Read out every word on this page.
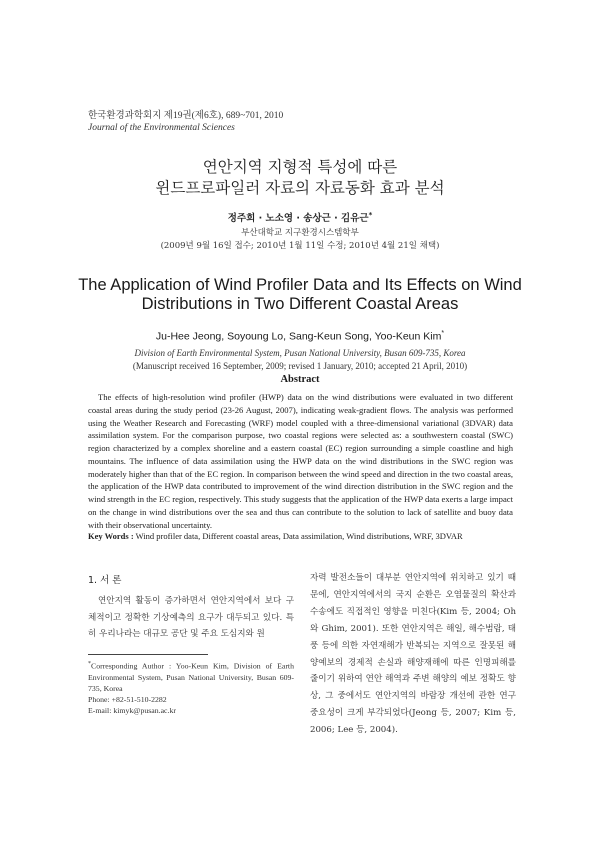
한국환경과학회지 제19권(제6호), 689~701, 2010
Journal of the Environmental Sciences
연안지역 지형적 특성에 따른
윈드프로파일러 자료의 자료동화 효과 분석
정주희 · 노소영 · 송상근 · 김유근*
부산대학교 지구환경시스템학부
(2009년 9월 16일 접수; 2010년 1월 11일 수정; 2010년 4월 21일 채택)
The Application of Wind Profiler Data and Its Effects on Wind
Distributions in Two Different Coastal Areas
Ju-Hee Jeong, Soyoung Lo, Sang-Keun Song, Yoo-Keun Kim*
Division of Earth Environmental System, Pusan National University, Busan 609-735, Korea
(Manuscript received 16 September, 2009; revised 1 January, 2010; accepted 21 April, 2010)
Abstract
The effects of high-resolution wind profiler (HWP) data on the wind distributions were evaluated in two different coastal areas during the study period (23-26 August, 2007), indicating weak-gradient flows. The analysis was performed using the Weather Research and Forecasting (WRF) model coupled with a three-dimensional variational (3DVAR) data assimilation system. For the comparison purpose, two coastal regions were selected as: a southwestern coastal (SWC) region characterized by a complex shoreline and a eastern coastal (EC) region surrounding a simple coastline and high mountains. The influence of data assimilation using the HWP data on the wind distributions in the SWC region was moderately higher than that of the EC region. In comparison between the wind speed and direction in the two coastal areas, the application of the HWP data contributed to improvement of the wind direction distribution in the SWC region and the wind strength in the EC region, respectively. This study suggests that the application of the HWP data exerts a large impact on the change in wind distributions over the sea and thus can contribute to the solution to lack of satellite and buoy data with their observational uncertainty.
Key Words : Wind profiler data, Different coastal areas, Data assimilation, Wind distributions, WRF, 3DVAR
1. 서 론
연안지역 활동이 증가하면서 연안지역에서 보다 구체적이고 정확한 기상예측의 요구가 대두되고 있다. 특히 우리나라는 대규모 공단 및 주요 도심지와 원
*Corresponding Author : Yoo-Keun Kim, Division of Earth Environmental System, Pusan National University, Busan 609-735, Korea
Phone: +82-51-510-2282
E-mail: kimyk@pusan.ac.kr
자력 발전소들이 대부분 연안지역에 위치하고 있기 때문에, 연안지역에서의 국지 순환은 오염물질의 확산과 수송에도 직접적인 영향을 미친다(Kim 등, 2004; Oh와 Ghim, 2001). 또한 연안지역은 해일, 해수범람, 태풍 등에 의한 자연재해가 반복되는 지역으로 잘못된 해양예보의 경제적 손실과 해양재해에 따른 인명피해를 줄이기 위하여 연안 해역과 주변 해양의 예보 정확도 향상, 그 중에서도 연안지역의 바람장 개선에 관한 연구 중요성이 크게 부각되었다(Jeong 등, 2007; Kim 등, 2006; Lee 등, 2004).
